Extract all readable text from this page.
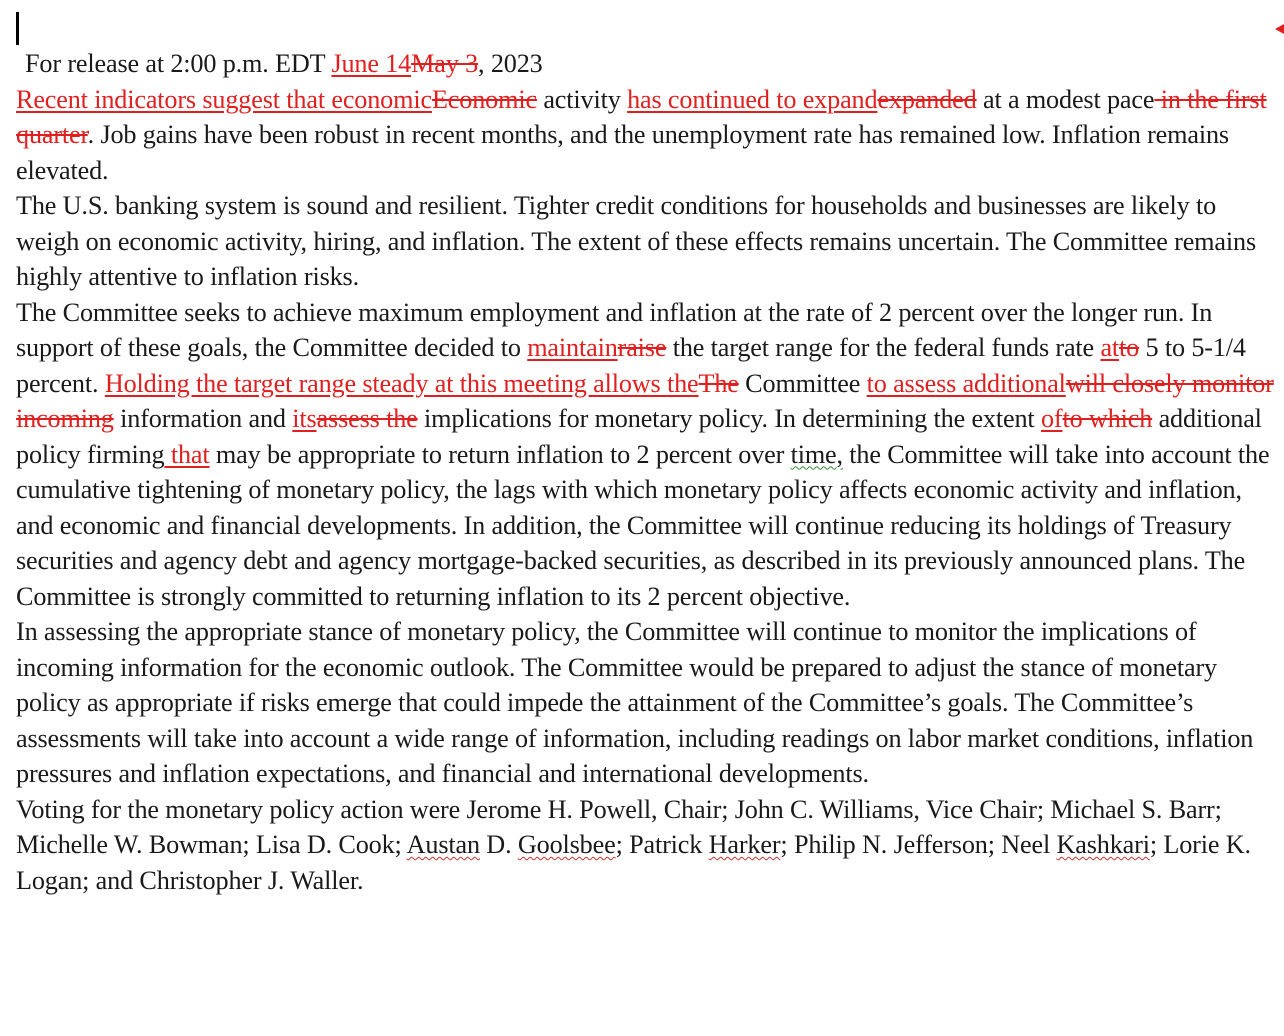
For release at 2:00 p.m. EDT June 14May 3, 2023

Recent indicators suggest that economicEconomic activity has continued to expandexpanded at a modest pace in the first quarter. Job gains have been robust in recent months, and the unemployment rate has remained low. Inflation remains elevated.

The U.S. banking system is sound and resilient. Tighter credit conditions for households and businesses are likely to weigh on economic activity, hiring, and inflation. The extent of these effects remains uncertain. The Committee remains highly attentive to inflation risks.

The Committee seeks to achieve maximum employment and inflation at the rate of 2 percent over the longer run. In support of these goals, the Committee decided to maintainraise the target range for the federal funds rate atto 5 to 5-1/4 percent. Holding the target range steady at this meeting allows theThe Committee to assess additionalwill closely monitor incoming information and itsassess the implications for monetary policy. In determining the extent ofto which additional policy firming that may be appropriate to return inflation to 2 percent over time, the Committee will take into account the cumulative tightening of monetary policy, the lags with which monetary policy affects economic activity and inflation, and economic and financial developments. In addition, the Committee will continue reducing its holdings of Treasury securities and agency debt and agency mortgage-backed securities, as described in its previously announced plans. The Committee is strongly committed to returning inflation to its 2 percent objective.

In assessing the appropriate stance of monetary policy, the Committee will continue to monitor the implications of incoming information for the economic outlook. The Committee would be prepared to adjust the stance of monetary policy as appropriate if risks emerge that could impede the attainment of the Committee’s goals. The Committee’s assessments will take into account a wide range of information, including readings on labor market conditions, inflation pressures and inflation expectations, and financial and international developments.

Voting for the monetary policy action were Jerome H. Powell, Chair; John C. Williams, Vice Chair; Michael S. Barr; Michelle W. Bowman; Lisa D. Cook; Austan D. Goolsbee; Patrick Harker; Philip N. Jefferson; Neel Kashkari; Lorie K. Logan; and Christopher J. Waller.
